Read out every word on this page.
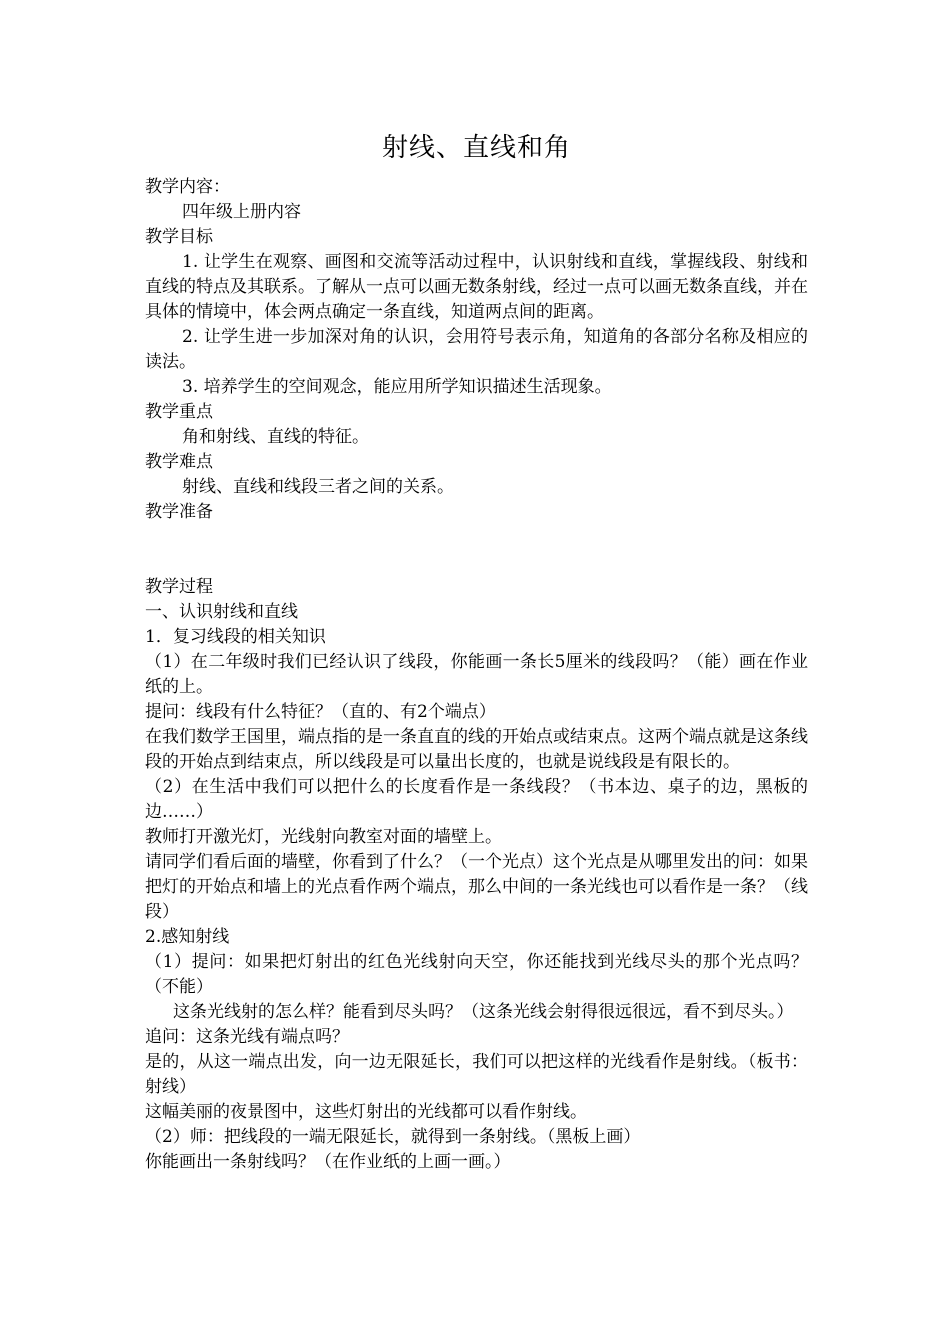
射线、直线和角

教学内容：

四年级上册内容

教学目标

1. 让学生在观察、画图和交流等活动过程中，认识射线和直线，掌握线段、射线和直线的特点及其联系。了解从一点可以画无数条射线，经过一点可以画无数条直线，并在具体的情境中，体会两点确定一条直线，知道两点间的距离。

2. 让学生进一步加深对角的认识，会用符号表示角，知道角的各部分名称及相应的读法。

3. 培养学生的空间观念，能应用所学知识描述生活现象。

教学重点

角和射线、直线的特征。

教学难点

射线、直线和线段三者之间的关系。

教学准备

教学过程

一、认识射线和直线

1．复习线段的相关知识

（1）在二年级时我们已经认识了线段，你能画一条长5厘米的线段吗？（能）画在作业纸的上。

提问：线段有什么特征？（直的、有2个端点）

在我们数学王国里，端点指的是一条直直的线的开始点或结束点。这两个端点就是这条线段的开始点到结束点，所以线段是可以量出长度的，也就是说线段是有限长的。

（2）在生活中我们可以把什么的长度看作是一条线段？（书本边、桌子的边，黑板的边……）

教师打开激光灯，光线射向教室对面的墙壁上。

请同学们看后面的墙壁，你看到了什么？（一个光点）这个光点是从哪里发出的问：如果把灯的开始点和墙上的光点看作两个端点，那么中间的一条光线也可以看作是一条？（线段）

2.感知射线

（1）提问：如果把灯射出的红色光线射向天空，你还能找到光线尽头的那个光点吗？（不能）

这条光线射的怎么样？能看到尽头吗？（这条光线会射得很远很远，看不到尽头。）

追问：这条光线有端点吗？

是的，从这一端点出发，向一边无限延长，我们可以把这样的光线看作是射线。（板书：射线）

这幅美丽的夜景图中，这些灯射出的光线都可以看作射线。

（2）师：把线段的一端无限延长，就得到一条射线。（黑板上画）

你能画出一条射线吗？（在作业纸的上画一画。）
